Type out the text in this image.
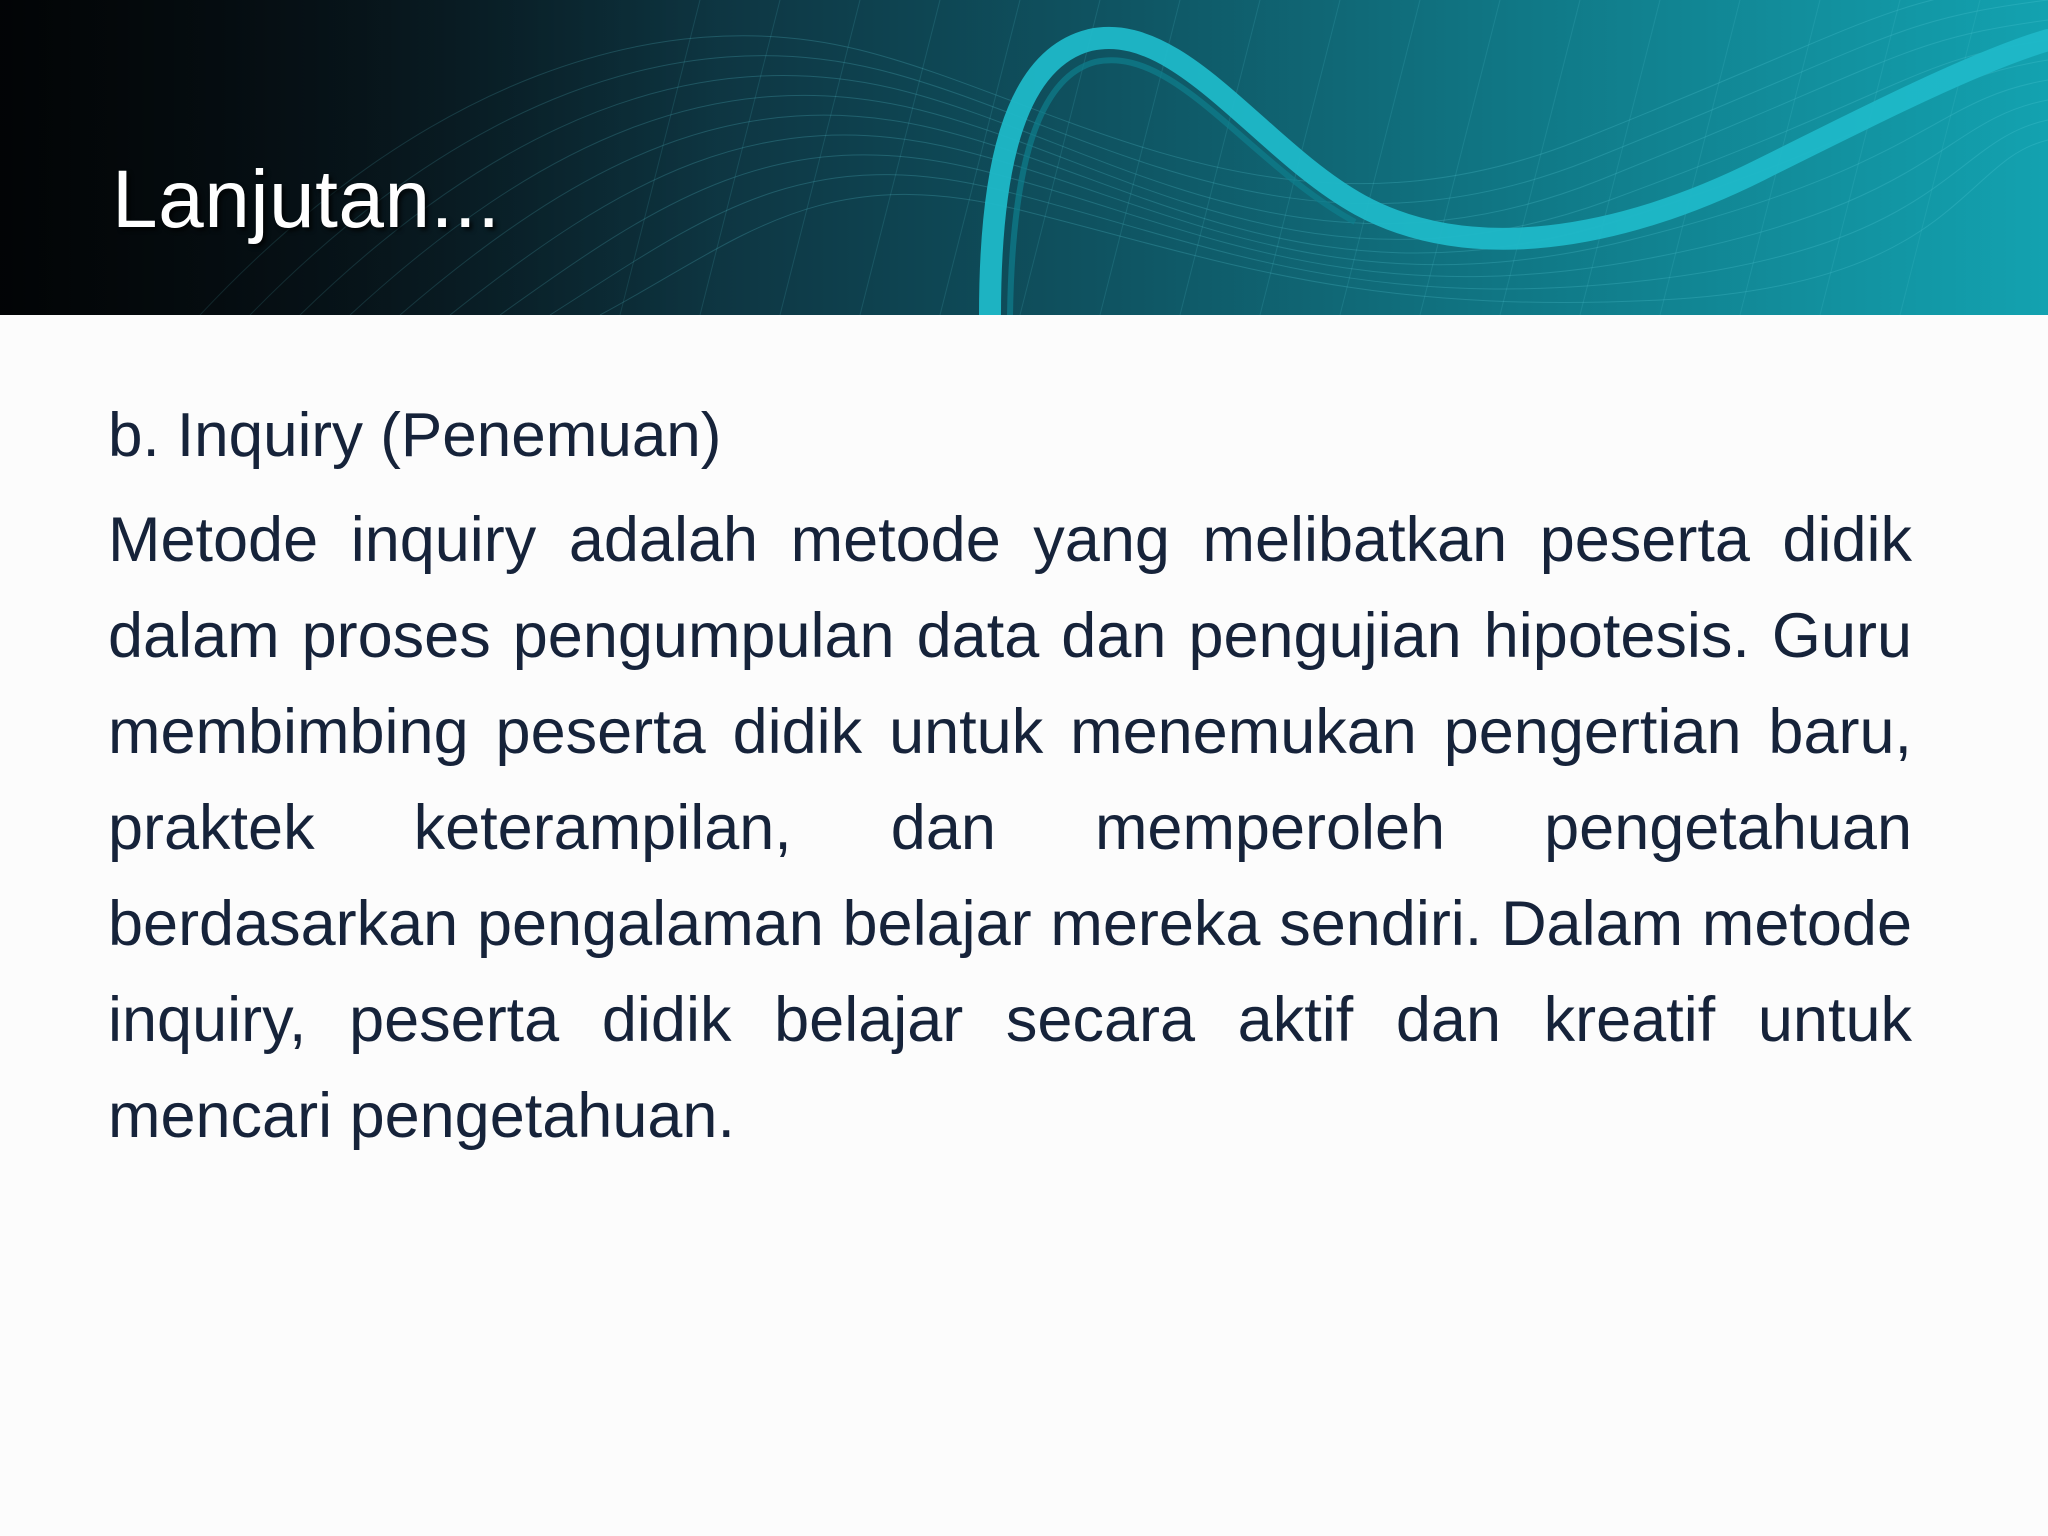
Lanjutan...

b. Inquiry (Penemuan)

Metode inquiry adalah metode yang melibatkan peserta didik dalam proses pengumpulan data dan pengujian hipotesis. Guru membimbing peserta didik untuk menemukan pengertian baru, praktek keterampilan, dan memperoleh pengetahuan berdasarkan pengalaman belajar mereka sendiri. Dalam metode inquiry, peserta didik belajar secara aktif dan kreatif untuk mencari pengetahuan.
